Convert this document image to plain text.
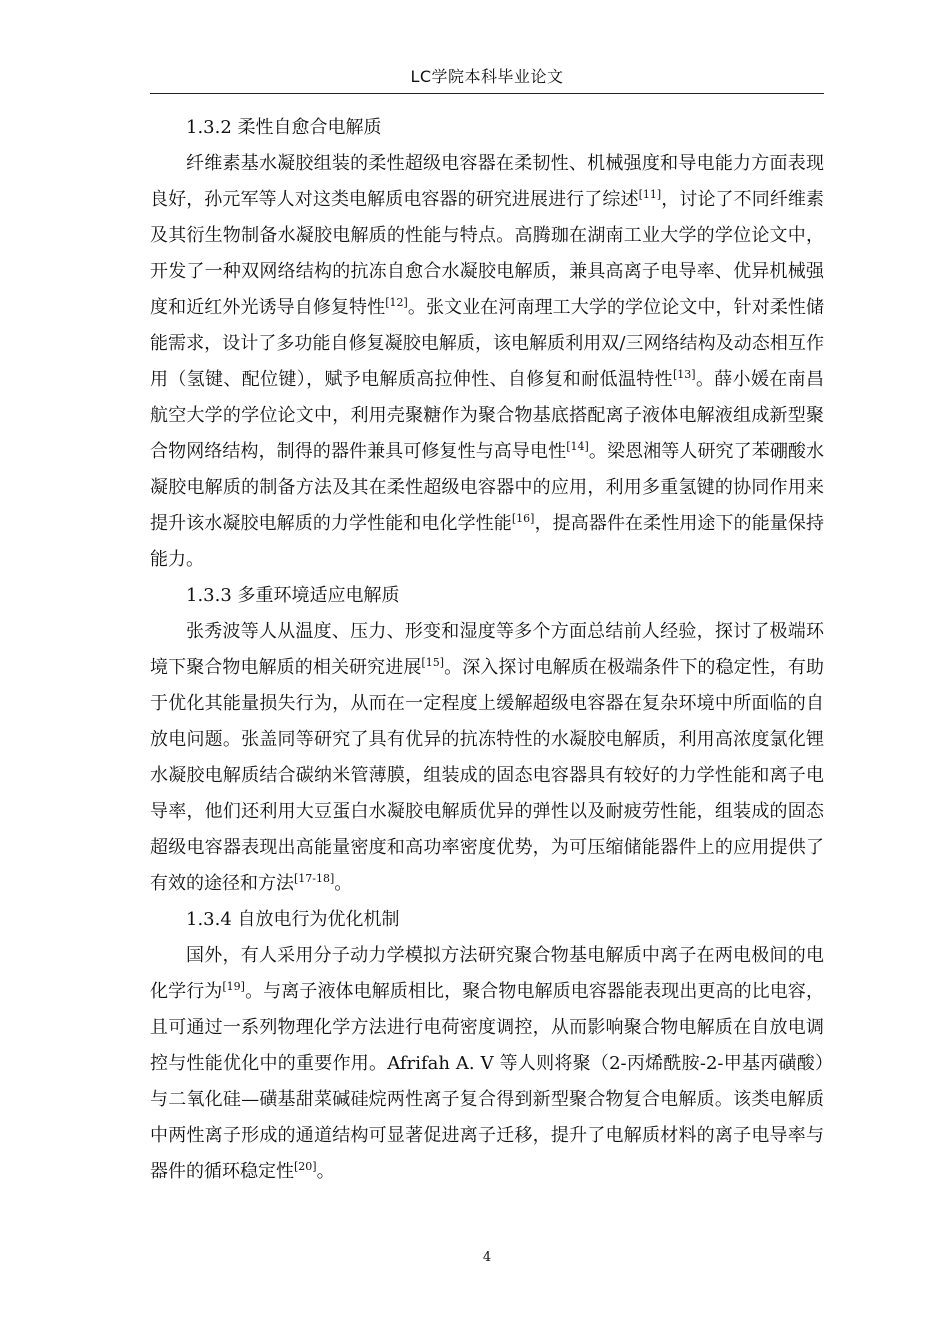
LC学院本科毕业论文

1.3.2 柔性自愈合电解质

纤维素基水凝胶组装的柔性超级电容器在柔韧性、机械强度和导电能力方面表现良好，孙元军等人对这类电解质电容器的研究进展进行了综述[11]，讨论了不同纤维素及其衍生物制备水凝胶电解质的性能与特点。高腾珈在湖南工业大学的学位论文中，开发了一种双网络结构的抗冻自愈合水凝胶电解质，兼具高离子电导率、优异机械强度和近红外光诱导自修复特性[12]。张文业在河南理工大学的学位论文中，针对柔性储能需求，设计了多功能自修复凝胶电解质，该电解质利用双/三网络结构及动态相互作用（氢键、配位键），赋予电解质高拉伸性、自修复和耐低温特性[13]。薛小媛在南昌航空大学的学位论文中，利用壳聚糖作为聚合物基底搭配离子液体电解液组成新型聚合物网络结构，制得的器件兼具可修复性与高导电性[14]。梁恩湘等人研究了苯硼酸水凝胶电解质的制备方法及其在柔性超级电容器中的应用，利用多重氢键的协同作用来提升该水凝胶电解质的力学性能和电化学性能[16]，提高器件在柔性用途下的能量保持能力。

1.3.3 多重环境适应电解质

张秀波等人从温度、压力、形变和湿度等多个方面总结前人经验，探讨了极端环境下聚合物电解质的相关研究进展[15]。深入探讨电解质在极端条件下的稳定性，有助于优化其能量损失行为，从而在一定程度上缓解超级电容器在复杂环境中所面临的自放电问题。张盖同等研究了具有优异的抗冻特性的水凝胶电解质，利用高浓度氯化锂水凝胶电解质结合碳纳米管薄膜，组装成的固态电容器具有较好的力学性能和离子电导率，他们还利用大豆蛋白水凝胶电解质优异的弹性以及耐疲劳性能，组装成的固态超级电容器表现出高能量密度和高功率密度优势，为可压缩储能器件上的应用提供了有效的途径和方法[17-18]。

1.3.4 自放电行为优化机制

国外，有人采用分子动力学模拟方法研究聚合物基电解质中离子在两电极间的电化学行为[19]。与离子液体电解质相比，聚合物电解质电容器能表现出更高的比电容，且可通过一系列物理化学方法进行电荷密度调控，从而影响聚合物电解质在自放电调控与性能优化中的重要作用。Afrifah A. V 等人则将聚（2-丙烯酰胺-2-甲基丙磺酸）与二氧化硅—磺基甜菜碱硅烷两性离子复合得到新型聚合物复合电解质。该类电解质中两性离子形成的通道结构可显著促进离子迁移，提升了电解质材料的离子电导率与器件的循环稳定性[20]。

4
